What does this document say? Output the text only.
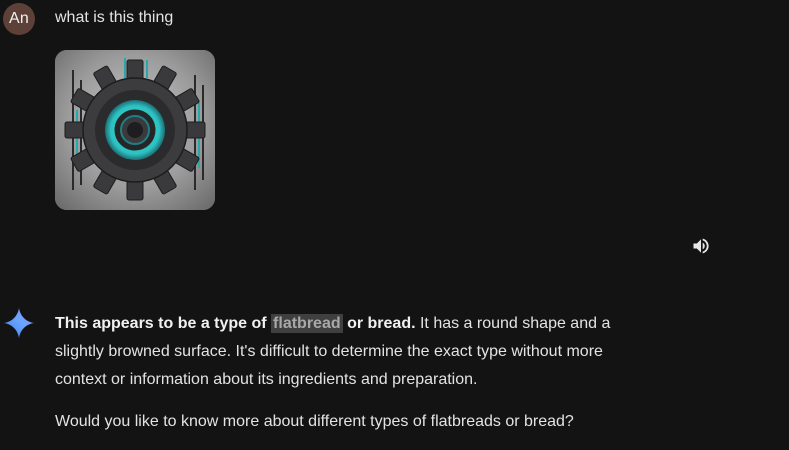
An what is this thing

This appears to be a type of flatbread or bread. It has a round shape and a slightly browned surface. It's difficult to determine the exact type without more context or information about its ingredients and preparation.

Would you like to know more about different types of flatbreads or bread?
